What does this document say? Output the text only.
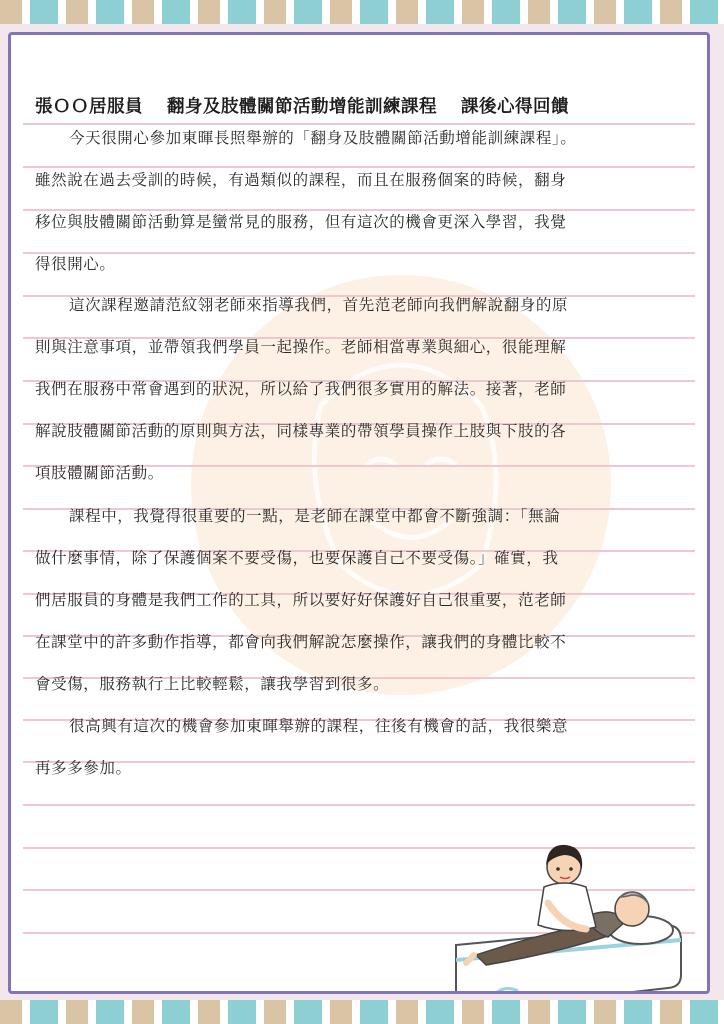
張ＯＯ居服員 翻身及肢體關節活動增能訓練課程 課後心得回饋
今天很開心參加東暉長照舉辦的「翻身及肢體關節活動增能訓練課程」。
雖然說在過去受訓的時候，有過類似的課程，而且在服務個案的時候，翻身
移位與肢體關節活動算是蠻常見的服務，但有這次的機會更深入學習，我覺
得很開心。
這次課程邀請范紋翎老師來指導我們，首先范老師向我們解說翻身的原
則與注意事項，並帶領我們學員一起操作。老師相當專業與細心，很能理解
我們在服務中常會遇到的狀況，所以給了我們很多實用的解法。接著，老師
解說肢體關節活動的原則與方法，同樣專業的帶領學員操作上肢與下肢的各
項肢體關節活動。
課程中，我覺得很重要的一點，是老師在課堂中都會不斷強調：「無論
做什麼事情，除了保護個案不要受傷，也要保護自己不要受傷。」確實，我
們居服員的身體是我們工作的工具，所以要好好保護好自己很重要，范老師
在課堂中的許多動作指導，都會向我們解說怎麼操作，讓我們的身體比較不
會受傷，服務執行上比較輕鬆，讓我學習到很多。
很高興有這次的機會參加東暉舉辦的課程，往後有機會的話，我很樂意
再多多參加。
